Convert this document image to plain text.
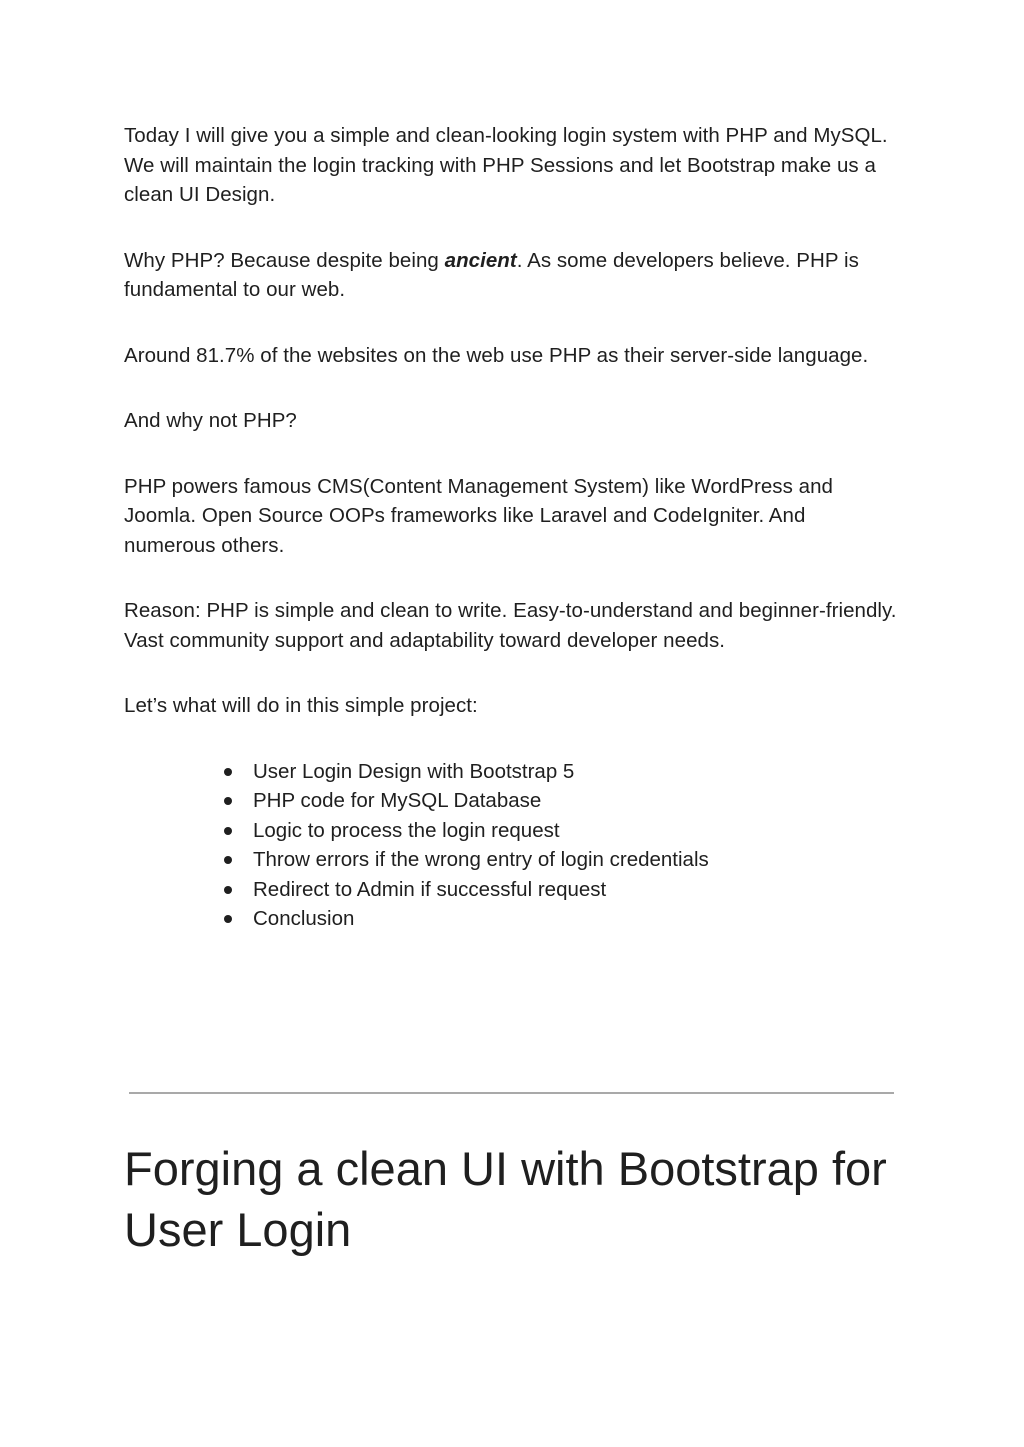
Today I will give you a simple and clean-looking login system with PHP and MySQL. We will maintain the login tracking with PHP Sessions and let Bootstrap make us a clean UI Design.

Why PHP? Because despite being ancient. As some developers believe. PHP is fundamental to our web.

Around 81.7% of the websites on the web use PHP as their server-side language.

And why not PHP?

PHP powers famous CMS(Content Management System) like WordPress and Joomla. Open Source OOPs frameworks like Laravel and CodeIgniter. And numerous others.

Reason: PHP is simple and clean to write. Easy-to-understand and beginner-friendly. Vast community support and adaptability toward developer needs.

Let’s what will do in this simple project:

User Login Design with Bootstrap 5
PHP code for MySQL Database
Logic to process the login request
Throw errors if the wrong entry of login credentials
Redirect to Admin if successful request
Conclusion
Forging a clean UI with Bootstrap for User Login
